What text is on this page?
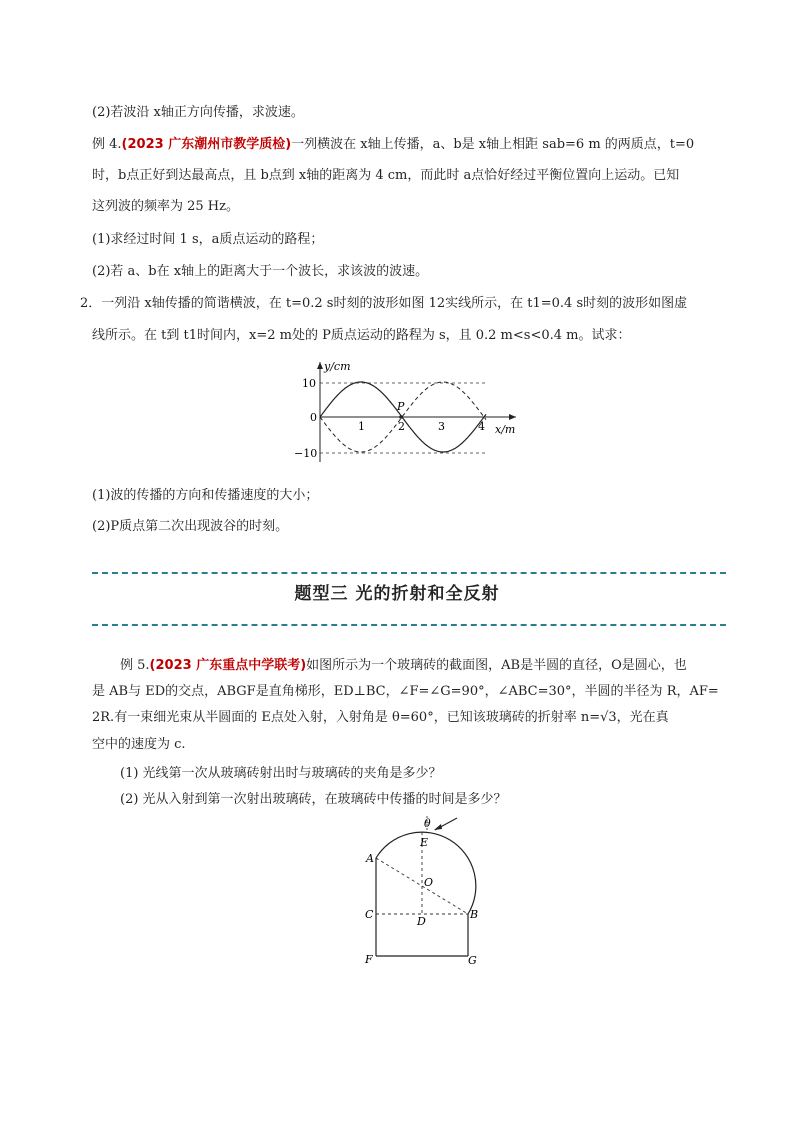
(2)若波沿 x轴正方向传播，求波速。
例 4.(2023 广东潮州市教学质检)一列横波在 x轴上传播，a、b是 x轴上相距 sab=6 m 的两质点，t=0
时，b点正好到达最高点，且 b点到 x轴的距离为 4 cm，而此时 a点恰好经过平衡位置向上运动。已知
这列波的频率为 25 Hz。
(1)求经过时间 1 s，a质点运动的路程；
(2)若 a、b在 x轴上的距离大于一个波长，求该波的波速。
2．一列沿 x轴传播的简谐横波，在 t=0.2 s时刻的波形如图 12实线所示，在 t1=0.4 s时刻的波形如图虚
线所示。在 t到 t1时间内，x=2 m处的 P质点运动的路程为 s，且 0.2 m<s<0.4 m。试求：
y/cm
x/m
10
0
−10
1	2	3	4
P
(1)波的传播的方向和传播速度的大小；
(2)P质点第二次出现波谷的时刻。
题型三 光的折射和全反射
例 5.(2023 广东重点中学联考)如图所示为一个玻璃砖的截面图，AB是半圆的直径，O是圆心，也
是 AB与 ED的交点，ABGF是直角梯形，ED⊥BC，∠F=∠G=90°，∠ABC=30°，半圆的半径为 R，AF=
2R.有一束细光束从半圆面的 E点处入射，入射角是 θ=60°，已知该玻璃砖的折射率 n=√3，光在真
空中的速度为 c.
(1) 光线第一次从玻璃砖射出时与玻璃砖的夹角是多少？
(2) 光从入射到第一次射出玻璃砖，在玻璃砖中传播的时间是多少？
θ
E
A
O
C
D
B
F	G
